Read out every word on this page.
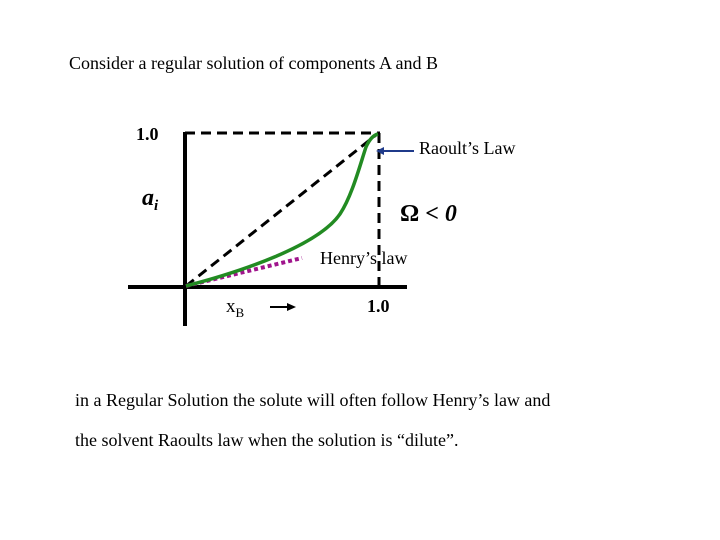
Consider a regular solution of components A and B
1.0
$a_i$
Raoult’s Law
Ω < 0
Henry’s law
$x_B$	1.0
in a Regular Solution the solute will often follow Henry’s law and
the solvent Raoults law when the solution is “dilute”.
